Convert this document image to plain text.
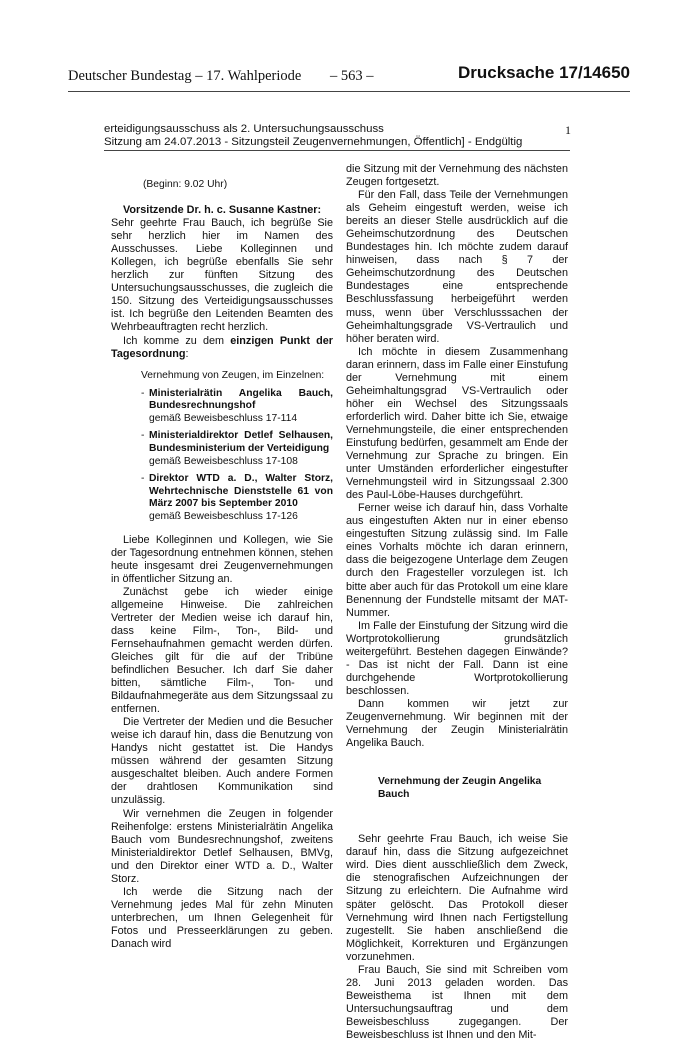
Deutscher Bundestag – 17. Wahlperiode – 563 –	Drucksache 17/14650
erteidigungsausschuss als 2. Untersuchungsausschuss
Sitzung am 24.07.2013 - Sitzungsteil Zeugenvernehmungen, Öffentlich] - Endgültig
1

(Beginn: 9.02 Uhr)

Vorsitzende Dr. h. c. Susanne Kastner:

Sehr geehrte Frau Bauch, ich begrüße Sie sehr herzlich hier im Namen des Ausschusses. Liebe Kolleginnen und Kollegen, ich begrüße ebenfalls Sie sehr herzlich zur fünften Sitzung des Untersuchungsausschusses, die zugleich die 150. Sitzung des Verteidigungsausschusses ist. Ich begrüße den Leitenden Beamten des Wehrbeauftragten recht herzlich.

Ich komme zu dem einzigen Punkt der Tagesordnung:

Vernehmung von Zeugen, im Einzelnen:

- Ministerialrätin Angelika Bauch, Bundesrechnungshof
gemäß Beweisbeschluss 17-114
- Ministerialdirektor Detlef Selhausen, Bundesministerium der Verteidigung
gemäß Beweisbeschluss 17-108
- Direktor WTD a. D., Walter Storz, Wehrtechnische Dienststelle 61 von März 2007 bis September 2010
gemäß Beweisbeschluss 17-126

Liebe Kolleginnen und Kollegen, wie Sie der Tagesordnung entnehmen können, stehen heute insgesamt drei Zeugenvernehmungen in öffentlicher Sitzung an.

Zunächst gebe ich wieder einige allgemeine Hinweise. Die zahlreichen Vertreter der Medien weise ich darauf hin, dass keine Film-, Ton-, Bild- und Fernsehaufnahmen gemacht werden dürfen. Gleiches gilt für die auf der Tribüne befindlichen Besucher. Ich darf Sie daher bitten, sämtliche Film-, Ton- und Bildaufnahmegeräte aus dem Sitzungssaal zu entfernen.

Die Vertreter der Medien und die Besucher weise ich darauf hin, dass die Benutzung von Handys nicht gestattet ist. Die Handys müssen während der gesamten Sitzung ausgeschaltet bleiben. Auch andere Formen der drahtlosen Kommunikation sind unzulässig.

Wir vernehmen die Zeugen in folgender Reihenfolge: erstens Ministerialrätin Angelika Bauch vom Bundesrechnungshof, zweitens Ministerialdirektor Detlef Selhausen, BMVg, und den Direktor einer WTD a. D., Walter Storz.

Ich werde die Sitzung nach der Vernehmung jedes Mal für zehn Minuten unterbrechen, um Ihnen Gelegenheit für Fotos und Presseerklärungen zu geben. Danach wird

die Sitzung mit der Vernehmung des nächsten Zeugen fortgesetzt.

Für den Fall, dass Teile der Vernehmungen als Geheim eingestuft werden, weise ich bereits an dieser Stelle ausdrücklich auf die Geheimschutzordnung des Deutschen Bundestages hin. Ich möchte zudem darauf hinweisen, dass nach § 7 der Geheimschutzordnung des Deutschen Bundestages eine entsprechende Beschlussfassung herbeigeführt werden muss, wenn über Verschlusssachen der Geheimhaltungsgrade VS-Vertraulich und höher beraten wird.

Ich möchte in diesem Zusammenhang daran erinnern, dass im Falle einer Einstufung der Vernehmung mit einem Geheimhaltungsgrad VS-Vertraulich oder höher ein Wechsel des Sitzungssaals erforderlich wird. Daher bitte ich Sie, etwaige Vernehmungsteile, die einer entsprechenden Einstufung bedürfen, gesammelt am Ende der Vernehmung zur Sprache zu bringen. Ein unter Umständen erforderlicher eingestufter Vernehmungsteil wird in Sitzungssaal 2.300 des Paul-Löbe-Hauses durchgeführt.

Ferner weise ich darauf hin, dass Vorhalte aus eingestuften Akten nur in einer ebenso eingestuften Sitzung zulässig sind. Im Falle eines Vorhalts möchte ich daran erinnern, dass die beigezogene Unterlage dem Zeugen durch den Fragesteller vorzulegen ist. Ich bitte aber auch für das Protokoll um eine klare Benennung der Fundstelle mitsamt der MAT-Nummer.

Im Falle der Einstufung der Sitzung wird die Wortprotokollierung grundsätzlich weitergeführt. Bestehen dagegen Einwände? - Das ist nicht der Fall. Dann ist eine durchgehende Wortprotokollierung beschlossen.

Dann kommen wir jetzt zur Zeugenvernehmung. Wir beginnen mit der Vernehmung der Zeugin Ministerialrätin Angelika Bauch.

Vernehmung der Zeugin Angelika Bauch

Sehr geehrte Frau Bauch, ich weise Sie darauf hin, dass die Sitzung aufgezeichnet wird. Dies dient ausschließlich dem Zweck, die stenografischen Aufzeichnungen der Sitzung zu erleichtern. Die Aufnahme wird später gelöscht. Das Protokoll dieser Vernehmung wird Ihnen nach Fertigstellung zugestellt. Sie haben anschließend die Möglichkeit, Korrekturen und Ergänzungen vorzunehmen.

Frau Bauch, Sie sind mit Schreiben vom 28. Juni 2013 geladen worden. Das Beweisthema ist Ihnen mit dem Untersuchungsauftrag und dem Beweisbeschluss zugegangen. Der Beweisbeschluss ist Ihnen und den Mit-
